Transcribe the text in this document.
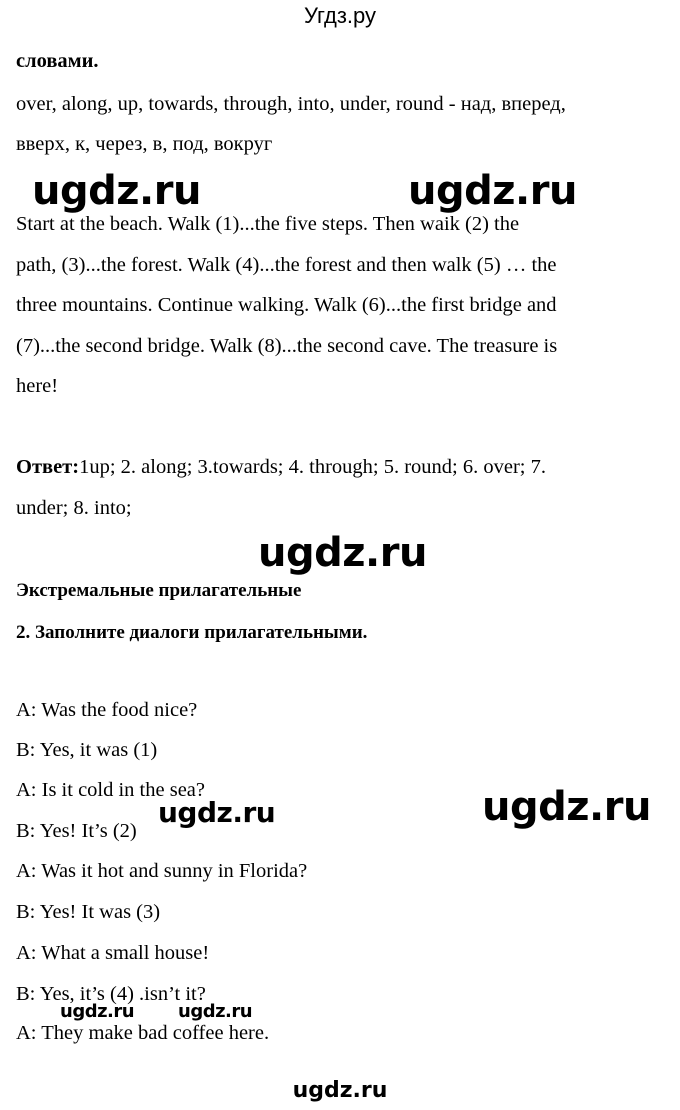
Угдз.ру
словами.
over, along, up, towards, through, into, under, round - над, вперед,
вверх, к, через, в, под, вокруг
ugdz.ru	ugdz.ru
Start at the beach. Walk (1)...the five steps. Then waik (2) the
path, (3)...the forest. Walk (4)...the forest and then walk (5) … the
three mountains. Continue walking. Walk (6)...the first bridge and
(7)...the second bridge. Walk (8)...the second cave. The treasure is
here!
Ответ:1up; 2. along; 3.towards; 4. through; 5. round; 6. over; 7.
under; 8. into;
ugdz.ru
Экстремальные прилагательные
2. Заполните диалоги прилагательными.
A: Was the food nice?
B: Yes, it was (1)
A: Is it cold in the sea?
ugdz.ru	ugdz.ru
B: Yes! It’s (2)
A: Was it hot and sunny in Florida?
B: Yes! It was (3)
A: What a small house!
B: Yes, it’s (4) .isn’t it?
ugdz.ru ugdz.ru
A: They make bad coffee here.
ugdz.ru
